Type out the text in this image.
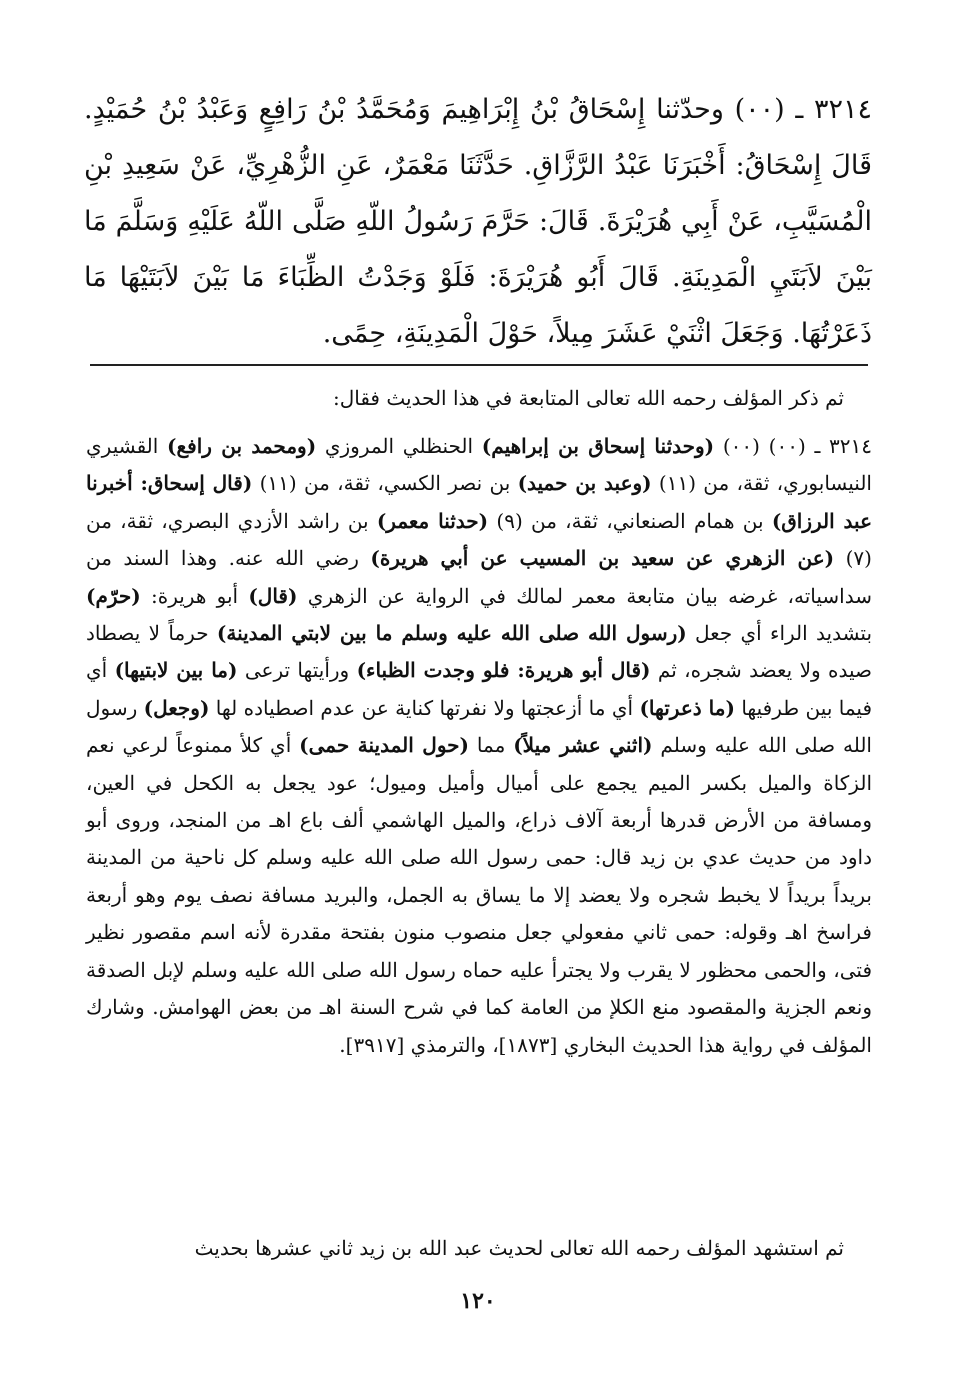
٣٢١٤ ـ (٠٠) وحدّثنا إِسْحَاقُ بْنُ إِبْرَاهِيمَ وَمُحَمَّدُ بْنُ رَافِعٍ وَعَبْدُ بْنُ حُمَيْدٍ. قَالَ إِسْحَاقُ: أَخْبَرَنَا عَبْدُ الرَّزَّاقِ. حَدَّثَنَا مَعْمَرٌ، عَنِ الزُّهْرِيِّ، عَنْ سَعِيدِ بْنِ الْمُسَيَّبِ، عَنْ أَبِي هُرَيْرَةَ. قَالَ: حَرَّمَ رَسُولُ اللّهِ صَلَّى اللّهُ عَلَيْهِ وَسَلَّمَ مَا بَيْنَ لاَبَتَيِ الْمَدِينَةِ. قَالَ أَبُو هُرَيْرَةَ: فَلَوْ وَجَدْتُ الظِّبَاءَ مَا بَيْنَ لاَبَتَيْهَا مَا ذَعَرْتُهَا. وَجَعَلَ اثْنَيْ عَشَرَ مِيلاً، حَوْلَ الْمَدِينَةِ، حِمًى.

ثم ذكر المؤلف رحمه الله تعالى المتابعة في هذا الحديث فقال:

٣٢١٤ ـ (٠٠) (٠٠) (وحدثنا إسحاق بن إبراهيم) الحنظلي المروزي (ومحمد بن رافع) القشيري النيسابوري، ثقة، من (١١) (وعبد بن حميد) بن نصر الكسي، ثقة، من (١١) (قال إسحاق: أخبرنا عبد الرزاق) بن همام الصنعاني، ثقة، من (٩) (حدثنا معمر) بن راشد الأزدي البصري، ثقة، من (٧) (عن الزهري عن سعيد بن المسيب عن أبي هريرة) رضي الله عنه. وهذا السند من سداسياته، غرضه بيان متابعة معمر لمالك في الرواية عن الزهري (قال) أبو هريرة: (حرّم) بتشديد الراء أي جعل (رسول الله صلى الله عليه وسلم ما بين لابتي المدينة) حرماً لا يصطاد صيده ولا يعضد شجره، ثم (قال أبو هريرة: فلو وجدت الظباء) ورأيتها ترعى (ما بين لابتيها) أي فيما بين طرفيها (ما ذعرتها) أي ما أزعجتها ولا نفرتها كناية عن عدم اصطياده لها (وجعل) رسول الله صلى الله عليه وسلم (اثني عشر ميلاً) مما (حول المدينة حمى) أي كلأ ممنوعاً لرعي نعم الزكاة والميل بكسر الميم يجمع على أميال وأميل وميول؛ عود يجعل به الكحل في العين، ومسافة من الأرض قدرها أربعة آلاف ذراع، والميل الهاشمي ألف باع اهـ من المنجد، وروى أبو داود من حديث عدي بن زيد قال: حمى رسول الله صلى الله عليه وسلم كل ناحية من المدينة بريداً بريداً لا يخبط شجره ولا يعضد إلا ما يساق به الجمل، والبريد مسافة نصف يوم وهو أربعة فراسخ اهـ وقوله: حمى ثاني مفعولي جعل منصوب منون بفتحة مقدرة لأنه اسم مقصور نظير فتى، والحمى محظور لا يقرب ولا يجترأ عليه حماه رسول الله صلى الله عليه وسلم لإبل الصدقة ونعم الجزية والمقصود منع الكلإ من العامة كما في شرح السنة اهـ من بعض الهوامش. وشارك المؤلف في رواية هذا الحديث البخاري [١٨٧٣]، والترمذي [٣٩١٧].

ثم استشهد المؤلف رحمه الله تعالى لحديث عبد الله بن زيد ثاني عشرها بحديث

١٢٠
